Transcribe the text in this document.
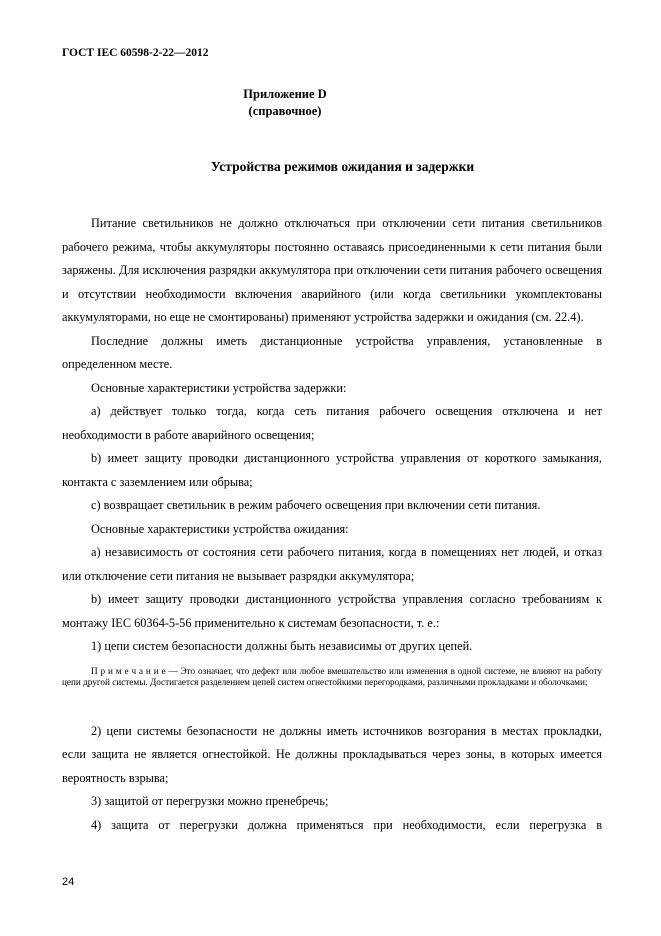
ГОСТ IEC 60598-2-22—2012
Приложение D
(справочное)
Устройства режимов ожидания и задержки

Питание светильников не должно отключаться при отключении сети питания светильников рабочего режима, чтобы аккумуляторы постоянно оставаясь присоединенными к сети питания были заряжены. Для исключения разрядки аккумулятора при отключении сети питания рабочего освещения и отсутствии необходимости включения аварийного (или когда светильники укомплектованы аккумуляторами, но еще не смонтированы) применяют устройства задержки и ожидания (см. 22.4).

Последние должны иметь дистанционные устройства управления, установленные в определенном месте.

Основные характеристики устройства задержки:

a) действует только тогда, когда сеть питания рабочего освещения отключена и нет необходимости в работе аварийного освещения;

b) имеет защиту проводки дистанционного устройства управления от короткого замыкания, контакта с заземлением или обрыва;

c) возвращает светильник в режим рабочего освещения при включении сети питания.

Основные характеристики устройства ожидания:

a) независимость от состояния сети рабочего питания, когда в помещениях нет людей, и отказ или отключение сети питания не вызывает разрядки аккумулятора;

b) имеет защиту проводки дистанционного устройства управления согласно требованиям к монтажу IEC 60364-5-56 применительно к системам безопасности, т. е.:

1) цепи систем безопасности должны быть независимы от других цепей.

П р и м е ч а н и е — Это означает, что дефект или любое вмешательство или изменения в одной системе, не влияют на работу цепи другой системы. Достигается разделением цепей систем огнестойкими перегородками, различными прокладками и оболочками;

2) цепи системы безопасности не должны иметь источников возгорания в местах прокладки, если защита не является огнестойкой. Не должны прокладываться через зоны, в которых имеется вероятность взрыва;

3) защитой от перегрузки можно пренебречь;

4) защита от перегрузки должна применяться при необходимости, если перегрузка в

24
